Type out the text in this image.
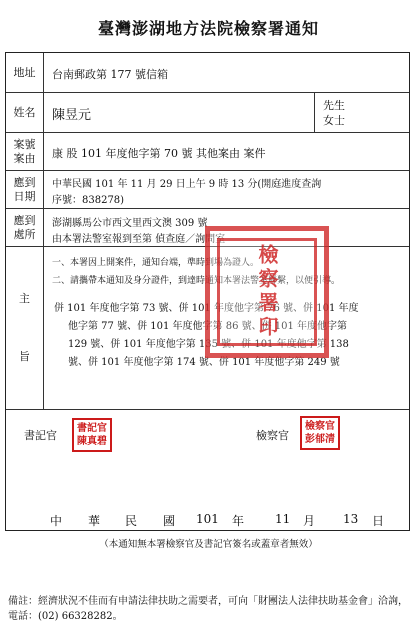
臺灣澎湖地方法院檢察署通知
地址 台南郵政第 177 號信箱
姓名 陳昱元
先生
女士
案號
案由 康 股 101 年度他字第 70 號 其他案由 案件
應到
日期
中華民國 101 年 11 月 29 日上午 9 時 13 分(開庭進度查詢
序號：838278)
應到
處所
澎湖縣馬公市西文里西文澳 309 號
由本署法警室報到至第 偵查庭／詢問室
主
旨
一、本署因上開案件，通知台端，準時到場為證人。
二、請攜帶本通知及身分證件，到達時通知本署法警室聯繫，以便引導。
併 101 年度他字第 73 號、併 101 年度他字第 76 號、併 101 年度
他字第 77 號、併 101 年度他字第 86 號、併 101 年度他字第
129 號、併 101 年度他字第 135 號、併 101 年度他字第 138
號、併 101 年度他字第 174 號、併 101 年度他字第 249 號
書記官
書記官
陳真碧	檢察官
檢察官
彭郁清
檢察署印
中 華 民 國 101 年	11 月 13 日
（本通知無本署檢察官及書記官簽名或蓋章者無效）
備註：經濟狀況不佳而有申請法律扶助之需要者，可向「財團法人法律扶助基金會」洽詢，電話：(02) 66328282。
